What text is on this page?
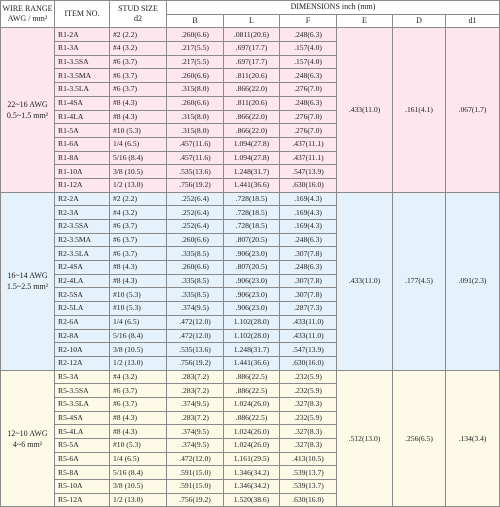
WIRE RANGE
AWG / mm²	ITEM NO.	STUD SIZE
d2	DIMENSIONS inch (mm)					
			B	L	F	E	D	d1
22~16 AWG
0.5~1.5 mm²	R1-2A	#2 (2.2)	.260(6.6)	.0811(20.6)	.248(6.3)	.433(11.0)	.161(4.1)	.067(1.7)
	R1-3A	#4 (3.2)	.217(5.5)	.697(17.7)	.157(4.0)			
	R1-3.5SA	#6 (3.7)	.217(5.5)	.697(17.7)	.157(4.0)			
	R1-3.5MA	#6 (3.7)	.260(6.6)	.811(20.6)	.248(6.3)			
	R1-3.5LA	#6 (3.7)	.315(8.0)	.866(22.0)	.276(7.0)			
	R1-4SA	#8 (4.3)	.260(6.6)	.811(20.6)	.248(6.3)			
	R1-4LA	#8 (4.3)	.315(8.0)	.866(22.0)	.276(7.0)			
	R1-5A	#10 (5.3)	.315(8.0)	.866(22.0)	.276(7.0)			
	R1-6A	1/4 (6.5)	.457(11.6)	1.094(27.8)	.437(11.1)			
	R1-8A	5/16 (8.4)	.457(11.6)	1.094(27.8)	.437(11.1)			
	R1-10A	3/8 (10.5)	.535(13.6)	1.248(31.7)	.547(13.9)			
	R1-12A	1/2 (13.0)	.756(19.2)	1.441(36.6)	.630(16.0)			
16~14 AWG
1.5~2.5 mm²	R2-2A	#2 (2.2)	.252(6.4)	.728(18.5)	.169(4.3)	.433(11.0)	.177(4.5)	.091(2.3)
	R2-3A	#4 (3.2)	.252(6.4)	.728(18.5)	.169(4.3)			
	R2-3.5SA	#6 (3.7)	.252(6.4)	.728(18.5)	.169(4.3)			
	R2-3.5MA	#6 (3.7)	.260(6.6)	.807(20.5)	.248(6.3)			
	R2-3.5LA	#6 (3.7)	.335(8.5)	.906(23.0)	.307(7.8)			
	R2-4SA	#8 (4.3)	.260(6.6)	.807(20.5)	.248(6.3)			
	R2-4LA	#8 (4.3)	.335(8.5)	.906(23.0)	.307(7.8)			
	R2-5SA	#10 (5.3)	.335(8.5)	.906(23.0)	.307(7.8)			
	R2-5LA	#10 (5.3)	.374(9.5)	.906(23.0)	.287(7.3)			
	R2-6A	1/4 (6.5)	.472(12.0)	1.102(28.0)	.433(11.0)			
	R2-8A	5/16 (8.4)	.472(12.0)	1.102(28.0)	.433(11.0)			
	R2-10A	3/8 (10.5)	.535(13.6)	1.248(31.7)	.547(13.9)			
	R2-12A	1/2 (13.0)	.756(19.2)	1.441(36.6)	.630(16.0)			
12~10 AWG
4~6 mm²	R5-3A	#4 (3.2)	.283(7.2)	.886(22.5)	.232(5.9)	.512(13.0)	.256(6.5)	.134(3.4)
	R5-3.5SA	#6 (3.7)	.283(7.2)	.886(22.5)	.232(5.9)			
	R5-3.5LA	#6 (3.7)	.374(9.5)	1.024(26.0)	.327(8.3)			
	R5-4SA	#8 (4.3)	.283(7.2)	.886(22.5)	.232(5.9)			
	R5-4LA	#8 (4.3)	.374(9.5)	1.024(26.0)	.327(8.3)			
	R5-5A	#10 (5.3)	.374(9.5)	1.024(26.0)	.327(8.3)			
	R5-6A	1/4 (6.5)	.472(12.0)	1.161(29.5)	.413(10.5)			
	R5-8A	5/16 (8.4)	.591(15.0)	1.346(34.2)	.539(13.7)			
	R5-10A	3/8 (10.5)	.591(15.0)	1.346(34.2)	.539(13.7)			
	R5-12A	1/2 (13.0)	.756(19.2)	1.520(38.6)	.630(16.0)			
